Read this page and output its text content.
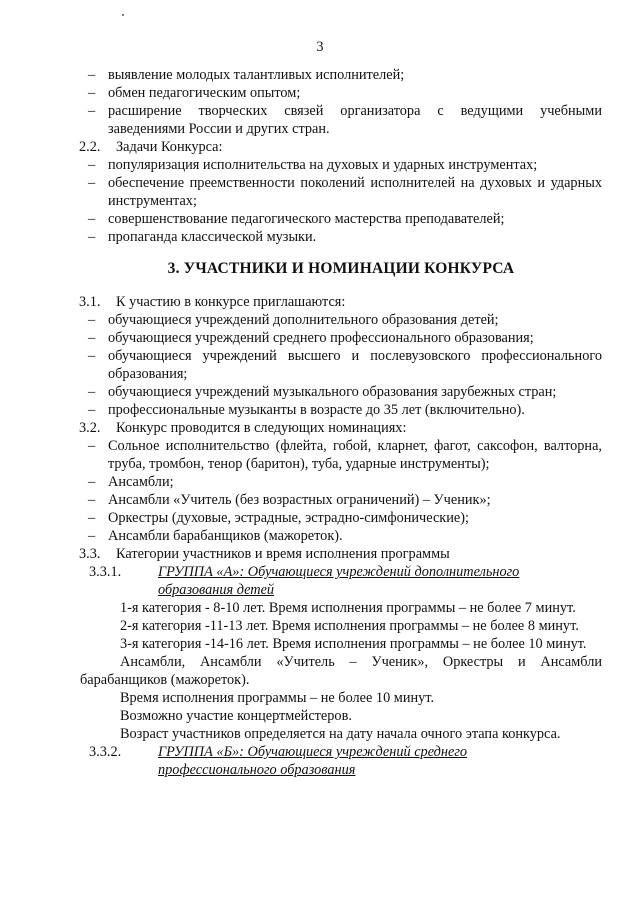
3
– выявление молодых талантливых исполнителей;
– обмен педагогическим опытом;
– расширение творческих связей организатора с ведущими учебными заведениями России и других стран.
2.2. Задачи Конкурса:
– популяризация исполнительства на духовых и ударных инструментах;
– обеспечение преемственности поколений исполнителей на духовых и ударных инструментах;
– совершенствование педагогического мастерства преподавателей;
– пропаганда классической музыки.
3. УЧАСТНИКИ И НОМИНАЦИИ КОНКУРСА
3.1. К участию в конкурсе приглашаются:
– обучающиеся учреждений дополнительного образования детей;
– обучающиеся учреждений среднего профессионального образования;
– обучающиеся учреждений высшего и послевузовского профессионального образования;
– обучающиеся учреждений музыкального образования зарубежных стран;
– профессиональные музыканты в возрасте до 35 лет (включительно).
3.2. Конкурс проводится в следующих номинациях:
– Сольное исполнительство (флейта, гобой, кларнет, фагот, саксофон, валторна, труба, тромбон, тенор (баритон), туба, ударные инструменты);
– Ансамбли;
– Ансамбли «Учитель (без возрастных ограничений) – Ученик»;
– Оркестры (духовые, эстрадные, эстрадно-симфонические);
– Ансамбли барабанщиков (мажореток).
3.3. Категории участников и время исполнения программы
3.3.1.	ГРУППА «А»: Обучающиеся учреждений дополнительного
образования детей
1-я категория - 8-10 лет. Время исполнения программы – не более 7 минут.
2-я категория -11-13 лет. Время исполнения программы – не более 8 минут.
3-я категория -14-16 лет. Время исполнения программы – не более 10 минут.
Ансамбли, Ансамбли «Учитель – Ученик», Оркестры и Ансамбли барабанщиков (мажореток).
Время исполнения программы – не более 10 минут.
Возможно участие концертмейстеров.
Возраст участников определяется на дату начала очного этапа конкурса.
3.3.2.	ГРУППА «Б»: Обучающиеся учреждений среднего
профессионального образования
